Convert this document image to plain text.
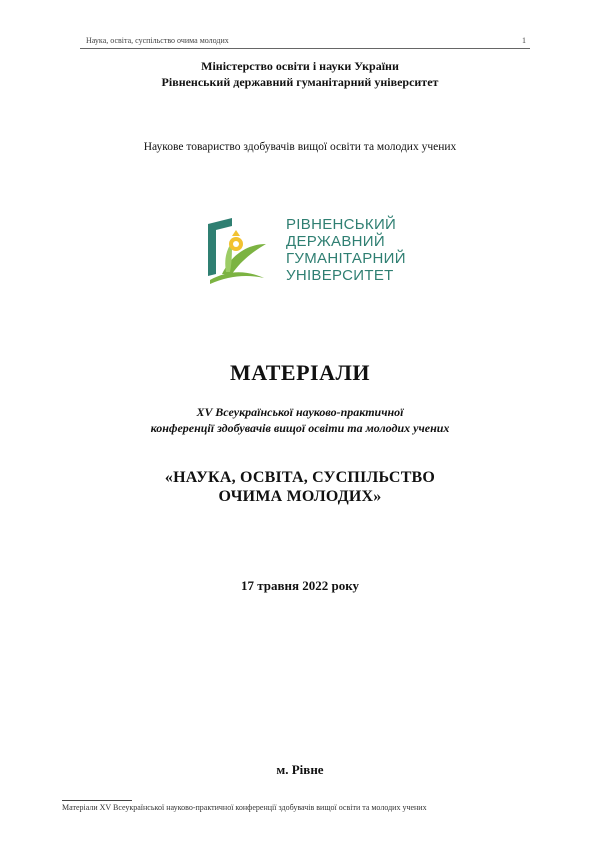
Наука, освіта, суспільство очима молодих	1
Міністерство освіти і науки України
Рівненський державний гуманітарний університет
Наукове товариство здобувачів вищої освіти та молодих учених
РІВНЕНСЬКИЙ
ДЕРЖАВНИЙ
ГУМАНІТАРНИЙ
УНІВЕРСИТЕТ
МАТЕРІАЛИ
XV Всеукраїнської науково-практичної
конференції здобувачів вищої освіти та молодих учених
«НАУКА, ОСВІТА, СУСПІЛЬСТВО
ОЧИМА МОЛОДИХ»
17 травня 2022 року
м. Рівне
Матеріали XV Всеукраїнської науково-практичної конференції здобувачів вищої освіти та молодих учених
